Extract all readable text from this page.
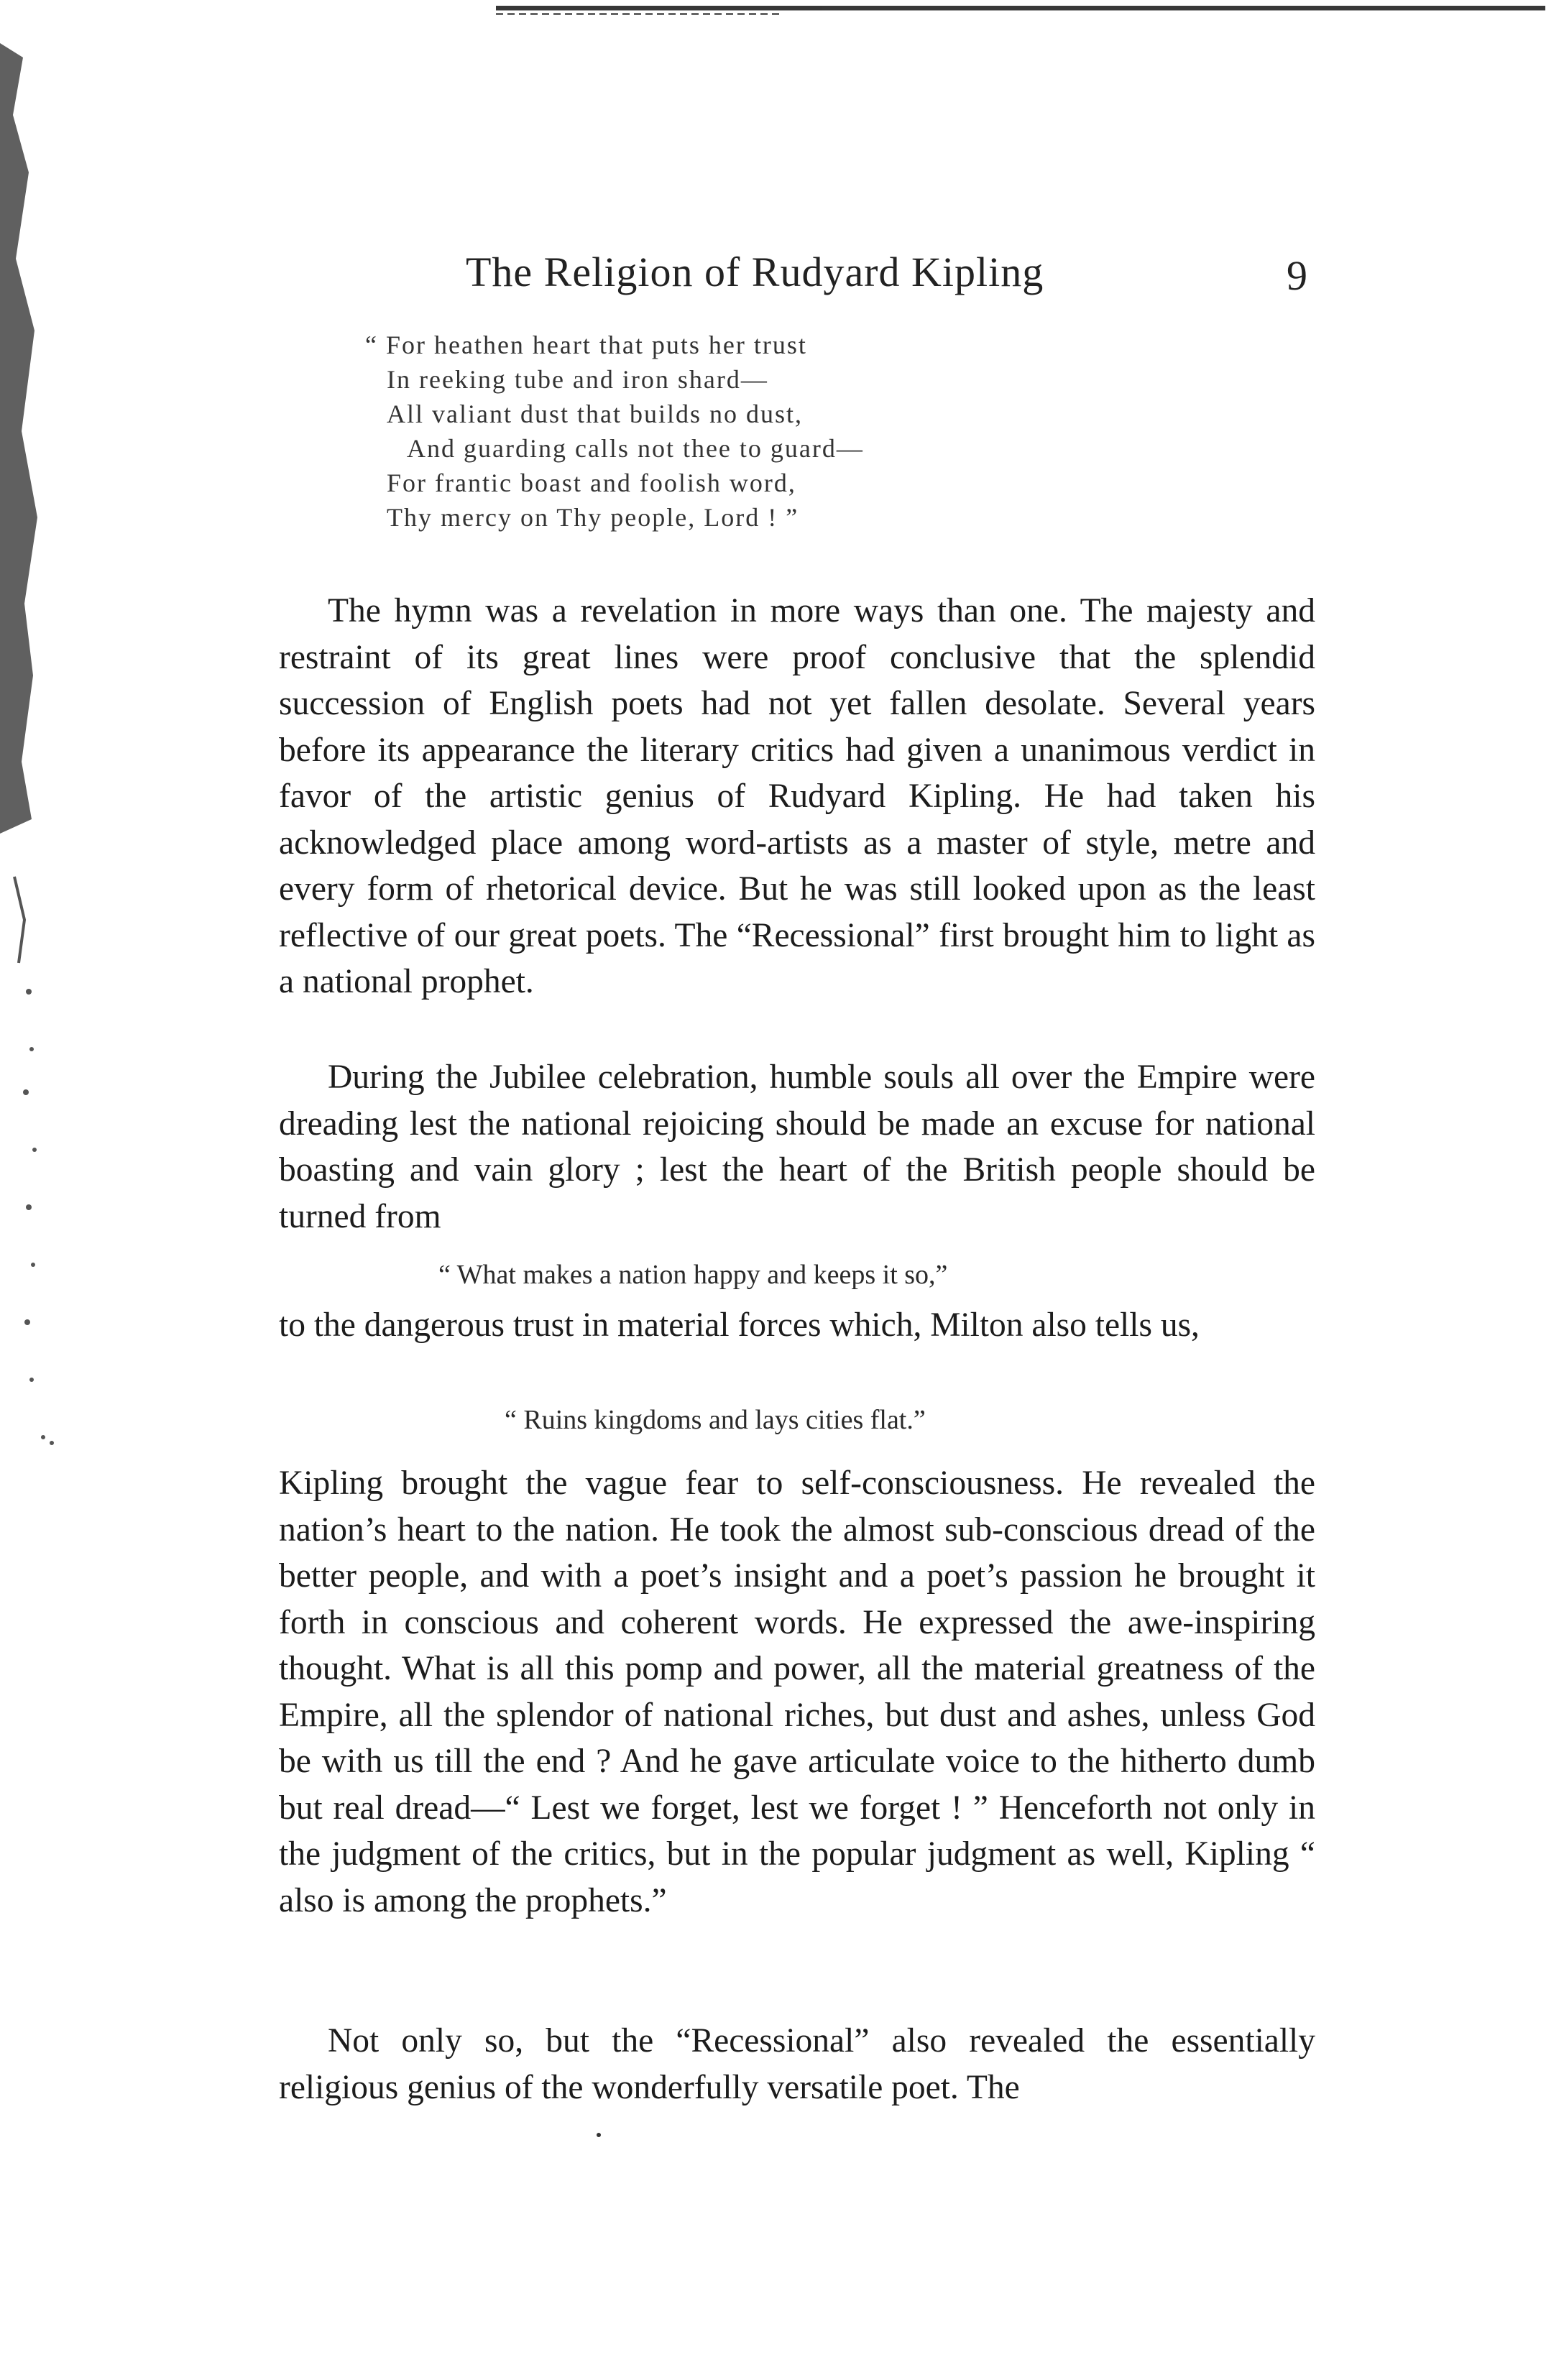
The Religion of Rudyard Kipling	9
“ For heathen heart that puts her trust
In reeking tube and iron shard—
All valiant dust that builds no dust,
And guarding calls not thee to guard—
For frantic boast and foolish word,
Thy mercy on Thy people, Lord ! ”

The hymn was a revelation in more ways than one. The majesty and restraint of its great lines were proof conclusive that the splendid succession of English poets had not yet fallen desolate. Several years before its appearance the literary critics had given a unanimous verdict in favor of the artistic genius of Rudyard Kipling. He had taken his acknowledged place among word-artists as a master of style, metre and every form of rhetorical device. But he was still looked upon as the least reflective of our great poets. The “Recessional” first brought him to light as a national prophet.

During the Jubilee celebration, humble souls all over the Empire were dreading lest the national rejoicing should be made an excuse for national boasting and vain glory ; lest the heart of the British people should be turned from

“ What makes a nation happy and keeps it so,”

to the dangerous trust in material forces which, Milton also tells us,

“ Ruins kingdoms and lays cities flat.”

Kipling brought the vague fear to self-consciousness. He revealed the nation’s heart to the nation. He took the almost sub-conscious dread of the better people, and with a poet’s insight and a poet’s passion he brought it forth in conscious and coherent words. He expressed the awe-inspiring thought. What is all this pomp and power, all the material greatness of the Empire, all the splendor of national riches, but dust and ashes, unless God be with us till the end ? And he gave articulate voice to the hitherto dumb but real dread—“ Lest we forget, lest we forget ! ” Henceforth not only in the judgment of the critics, but in the popular judgment as well, Kipling “ also is among the prophets.”

Not only so, but the “Recessional” also revealed the essentially religious genius of the wonderfully versatile poet. The
